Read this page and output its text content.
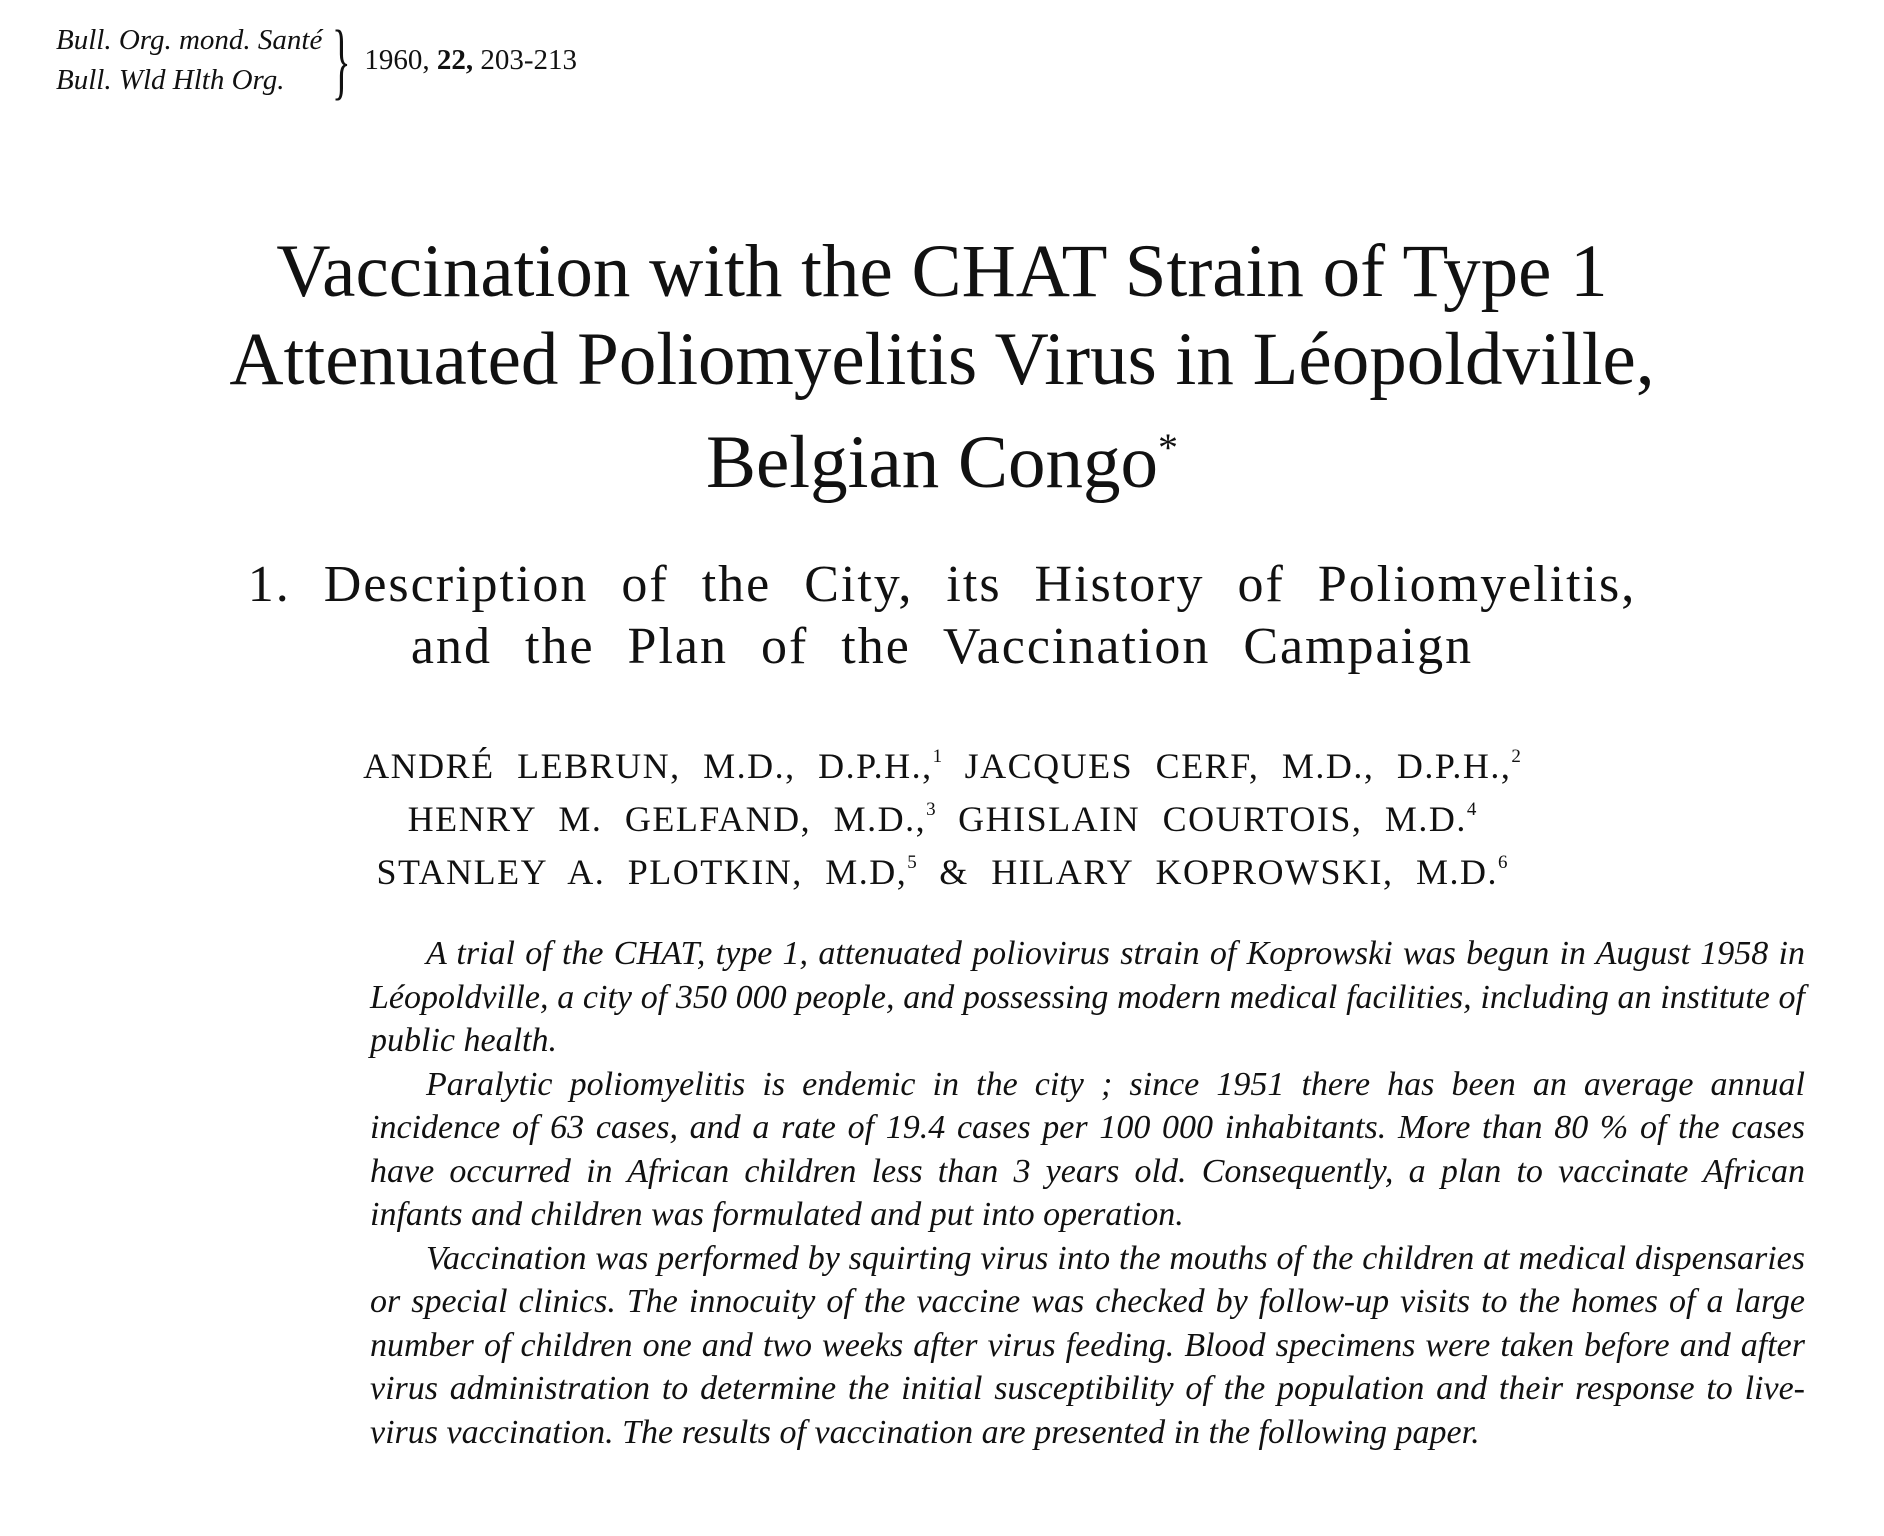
Bull. Org. mond. Santé
Bull. Wld Hlth Org. } 1960, 22, 203-213
Vaccination with the CHAT Strain of Type 1
Attenuated Poliomyelitis Virus in Léopoldville,
Belgian Congo*
1. Description of the City, its History of Poliomyelitis,
and the Plan of the Vaccination Campaign
ANDRÉ LEBRUN, M.D., D.P.H.,$^1$ JACQUES CERF, M.D., D.P.H.,$^2$
HENRY M. GELFAND, M.D.,$^3$ GHISLAIN COURTOIS, M.D.$^4$
STANLEY A. PLOTKIN, M.D,$^5$ & HILARY KOPROWSKI, M.D.$^6$

A trial of the CHAT, type 1, attenuated poliovirus strain of Koprowski was begun in August 1958 in Léopoldville, a city of 350 000 people, and possessing modern medical facilities, including an institute of public health.

Paralytic poliomyelitis is endemic in the city ; since 1951 there has been an average annual incidence of 63 cases, and a rate of 19.4 cases per 100 000 inhabitants. More than 80 % of the cases have occurred in African children less than 3 years old. Consequently, a plan to vaccinate African infants and children was formulated and put into operation.

Vaccination was performed by squirting virus into the mouths of the children at medical dispensaries or special clinics. The innocuity of the vaccine was checked by follow-up visits to the homes of a large number of children one and two weeks after virus feeding. Blood specimens were taken before and after virus administration to determine the initial susceptibility of the population and their response to live-virus vaccination. The results of vaccination are presented in the following paper.
